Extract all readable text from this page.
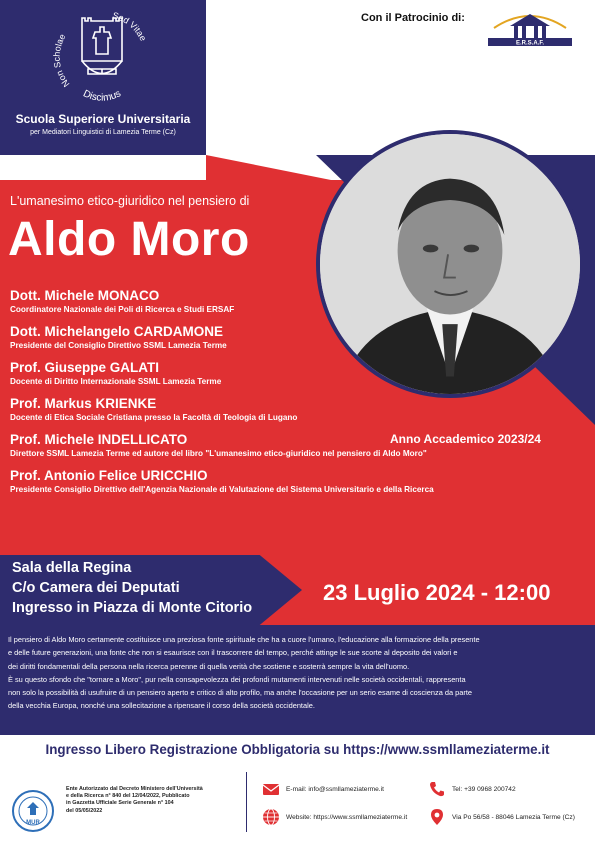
Non Scholae
Sed Vitae
Discimus
Scuola Superiore Universitaria
per Mediatori Linguistici di Lamezia Terme (Cz)
Con il Patrocinio di:
E.R.S.A.F.
L'umanesimo etico-giuridico nel pensiero di
Aldo Moro
Dott. Michele MONACO
Coordinatore Nazionale dei Poli di Ricerca e Studi ERSAF
Dott. Michelangelo CARDAMONE
Presidente del Consiglio Direttivo SSML Lamezia Terme
Prof. Giuseppe GALATI
Docente di Diritto Internazionale SSML Lamezia Terme
Prof. Markus KRIENKE
Docente di Etica Sociale Cristiana presso la Facoltà di Teologia di Lugano
Prof. Michele INDELLICATO
Direttore SSML Lamezia Terme ed autore del libro "L'umanesimo etico-giuridico nel pensiero di Aldo Moro"
Prof. Antonio Felice URICCHIO
Presidente Consiglio Direttivo dell'Agenzia Nazionale di Valutazione del Sistema Universitario e della Ricerca
Anno Accademico 2023/24
Sala della Regina
C/o Camera dei Deputati
Ingresso in Piazza di Monte Citorio
23 Luglio 2024 - 12:00
Il pensiero di Aldo Moro certamente costituisce una preziosa fonte spirituale che ha a cuore l'umano, l'educazione alla formazione della presente
e delle future generazioni, una fonte che non si esaurisce con il trascorrere del tempo, perché attinge le sue scorte al deposito dei valori e
dei diritti fondamentali della persona nella ricerca perenne di quella verità che sostiene e sosterrà sempre la vita dell'uomo.
È su questo sfondo che "tornare a Moro", pur nella consapevolezza dei profondi mutamenti intervenuti nelle società occidentali, rappresenta
non solo la possibilità di usufruire di un pensiero aperto e critico di alto profilo, ma anche l'occasione per un serio esame di coscienza da parte
della vecchia Europa, nonché una sollecitazione a ripensare il corso della società occidentale.
Ingresso Libero Registrazione Obbligatoria su https://www.ssmllameziaterme.it
MUR
Ente Autorizzato dal Decreto Ministero dell'Università
e della Ricerca n° 840 del 12/04/2022, Pubblicato
in Gazzetta Ufficiale Serie Generale n° 104
del 05/05/2022
E-mail: info@ssmllameziaterme.it
Website: https://www.ssmllameziaterme.it
Tel: +39 0968 200742
Via Po 56/58 - 88046 Lamezia Terme (Cz)
